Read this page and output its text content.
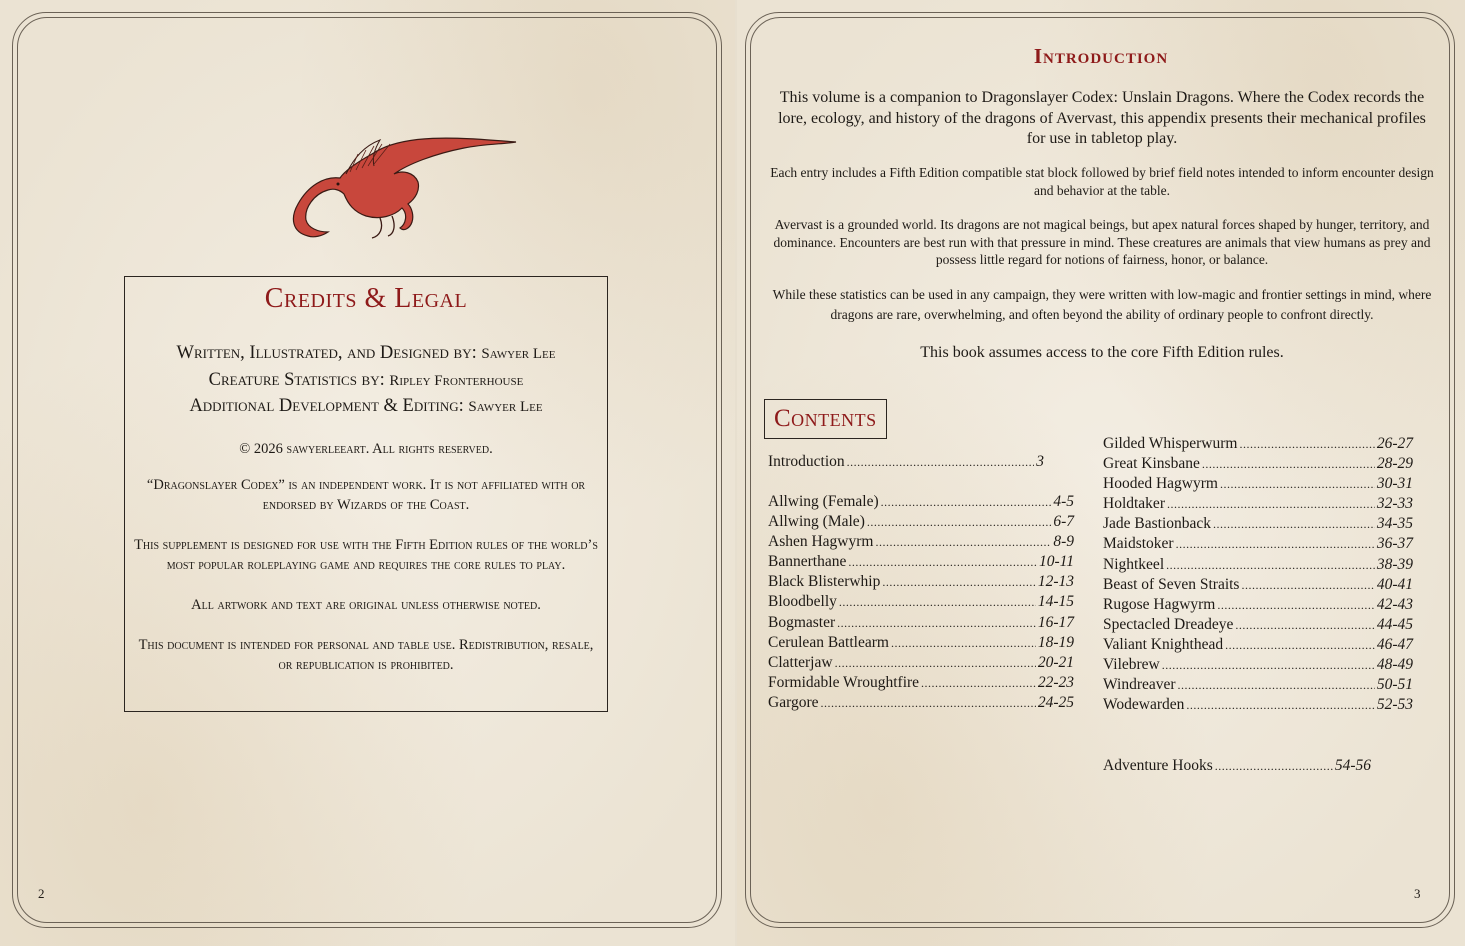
Credits & Legal
Written, Illustrated, and Designed by: Sawyer Lee
Creature Statistics by: Ripley Fronterhouse
Additional Development & Editing: Sawyer Lee
© 2026 sawyerleeart. All rights reserved.
“Dragonslayer Codex” is an independent work. It is not affiliated with or endorsed by Wizards of the Coast.
This supplement is designed for use with the Fifth Edition rules of the world’s most popular roleplaying game and requires the core rules to play.
All artwork and text are original unless otherwise noted.
This document is intended for personal and table use. Redistribution, resale, or republication is prohibited.
2
Introduction
This volume is a companion to Dragonslayer Codex: Unslain Dragons. Where the Codex records the lore, ecology, and history of the dragons of Avervast, this appendix presents their mechanical profiles for use in tabletop play.
Each entry includes a Fifth Edition compatible stat block followed by brief field notes intended to inform encounter design and behavior at the table.
Avervast is a grounded world. Its dragons are not magical beings, but apex natural forces shaped by hunger, territory, and dominance. Encounters are best run with that pressure in mind. These creatures are animals that view humans as prey and possess little regard for notions of fairness, honor, or balance.
While these statistics can be used in any campaign, they were written with low-magic and frontier settings in mind, where dragons are rare, overwhelming, and often beyond the ability of ordinary people to confront directly.
This book assumes access to the core Fifth Edition rules.
Contents
Introduction .....	3
Allwing (Female) .....	4-5
Allwing (Male) .....	6-7
Ashen Hagwyrm .....	8-9
Bannerthane .....	10-11
Black Blisterwhip .....	12-13
Bloodbelly .....	14-15
Bogmaster .....	16-17
Cerulean Battlearm .....	18-19
Clatterjaw .....	20-21
Formidable Wroughtfire .....	22-23
Gargore .....	24-25
Gilded Whisperwurm .....	26-27
Great Kinsbane .....	28-29
Hooded Hagwyrm .....	30-31
Holdtaker .....	32-33
Jade Bastionback .....	34-35
Maidstoker .....	36-37
Nightkeel .....	38-39
Beast of Seven Straits .....	40-41
Rugose Hagwyrm .....	42-43
Spectacled Dreadeye .....	44-45
Valiant Knighthead .....	46-47
Vilebrew .....	48-49
Windreaver .....	50-51
Wodewarden .....	52-53
Adventure Hooks .....	54-56
3
